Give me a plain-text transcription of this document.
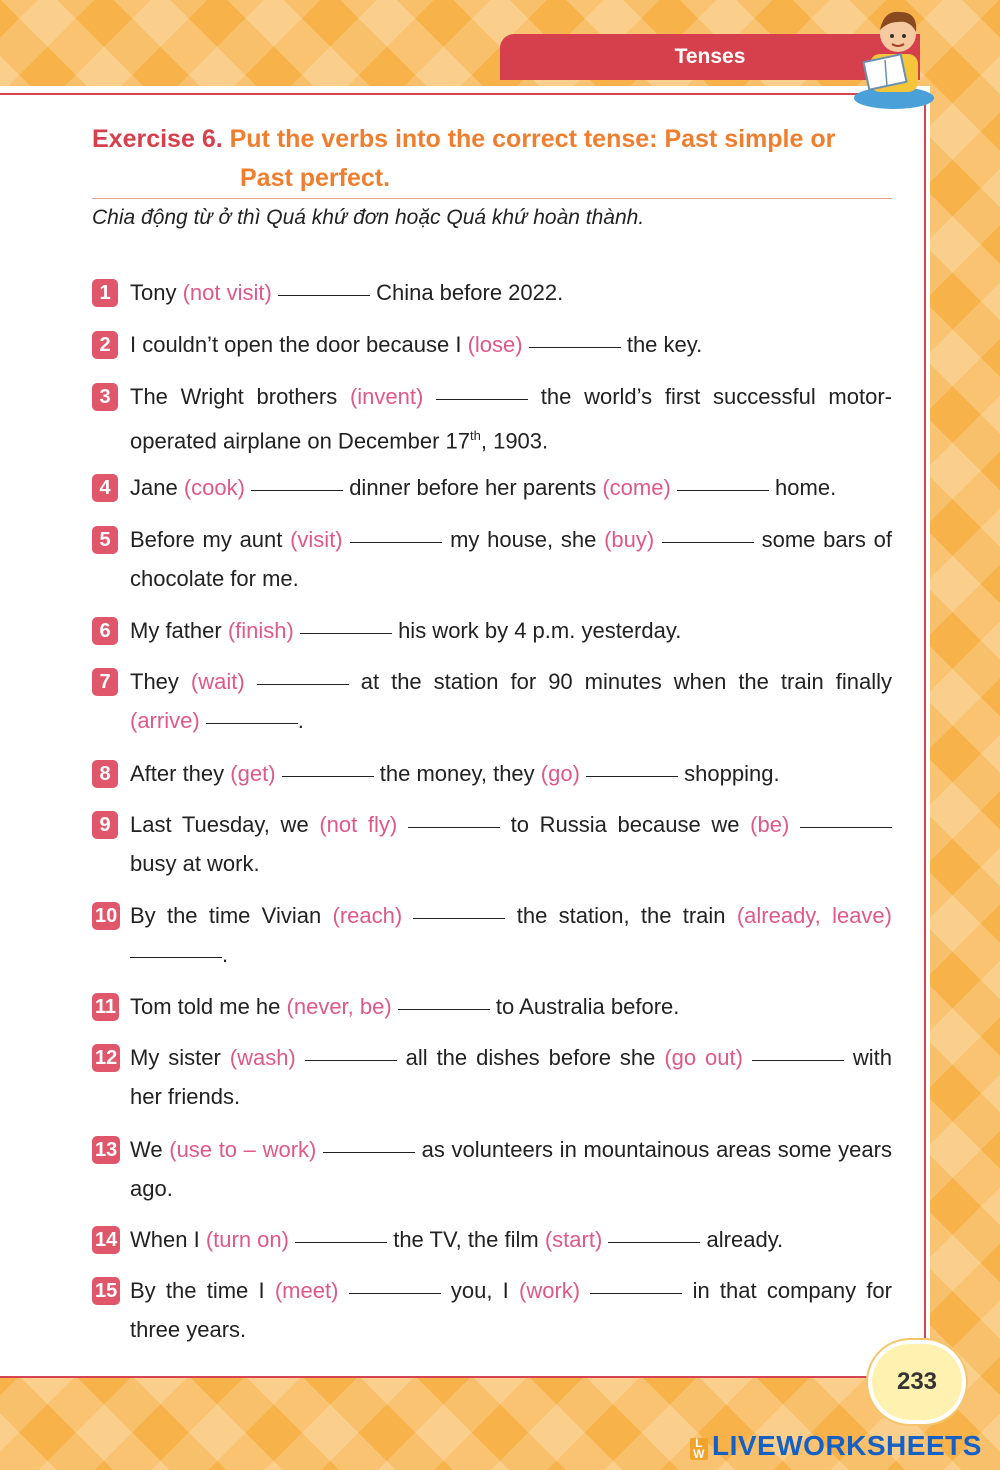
Tenses
Exercise 6.
Put the verbs into the correct tense: Past simple or
Past perfect.
Chia động từ ở thì Quá khứ đơn hoặc Quá khứ hoàn thành.
1 Tony (not visit)	China before 2022.
2 I couldn’t open the door because I (lose)	the key.
3 The Wright brothers (invent)	the world’s first successful motor-operated airplane on December 17th, 1903.
4 Jane (cook)	dinner before her parents (come)	home.
5 Before my aunt (visit)	my house, she (buy)	some bars of chocolate for me.
6 My father (finish)	his work by 4 p.m. yesterday.
7 They (wait)	at the station for 90 minutes when the train finally (arrive)	.
8 After they (get)	the money, they (go)	shopping.
9 Last Tuesday, we (not fly)	to Russia because we (be)  busy at work.
10 By the time Vivian (reach)	the station, the train (already, leave) .
11 Tom told me he (never, be)	to Australia before.
12 My sister (wash)	all the dishes before she (go out)	with her friends.
13 We (use to – work)	as volunteers in mountainous areas some years ago.
14 When I (turn on)	the TV, the film (start)	already.
15 By the time I (meet)	you, I (work)	in that company for three years.
233
L
W LIVEWORKSHEETS
